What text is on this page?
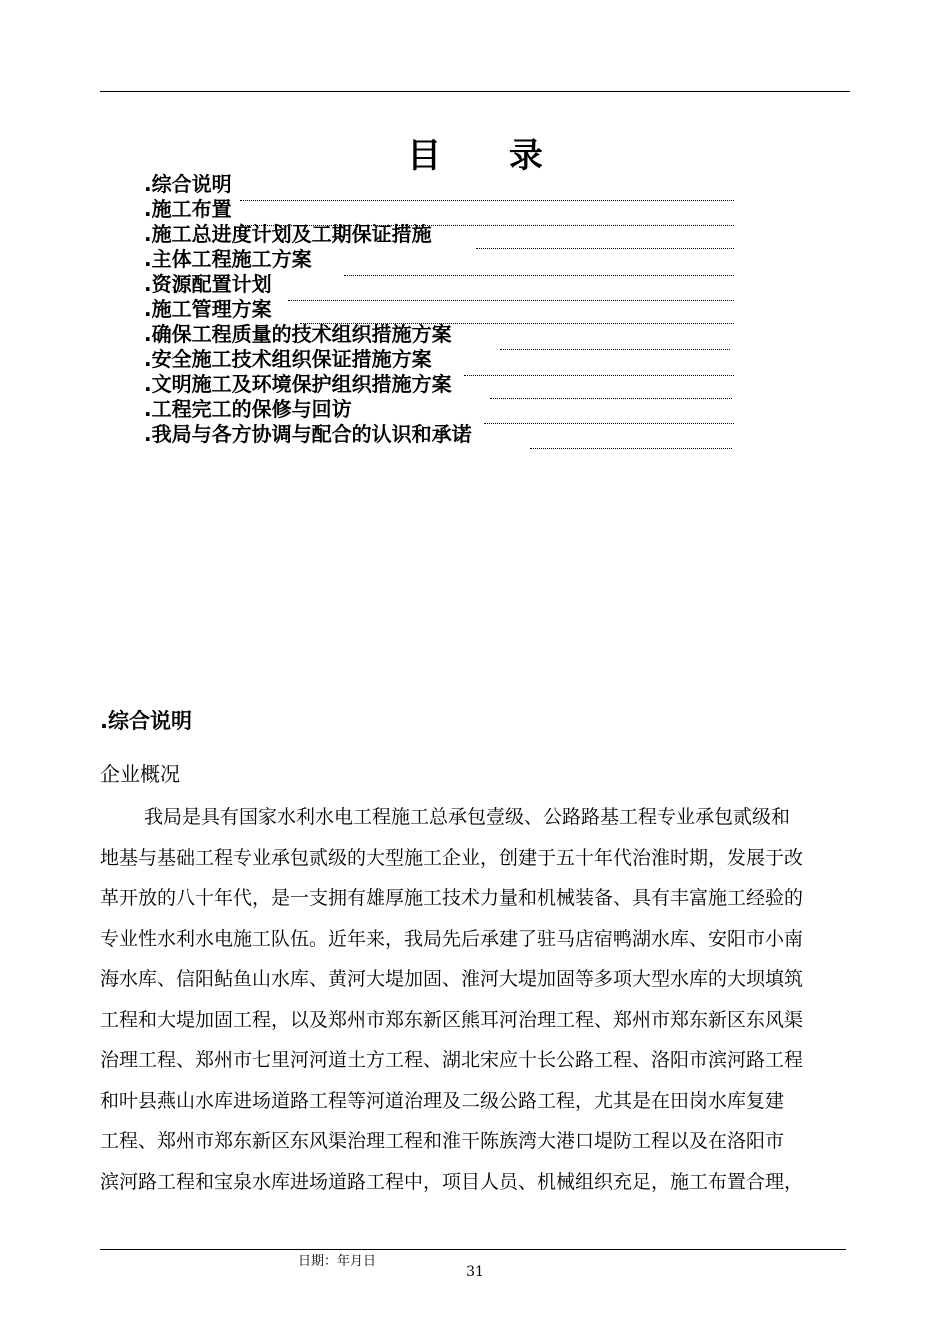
目 录
.综合说明
.施工布置
.施工总进度计划及工期保证措施
.主体工程施工方案
.资源配置计划
.施工管理方案
.确保工程质量的技术组织措施方案
.安全施工技术组织保证措施方案
.文明施工及环境保护组织措施方案
.工程完工的保修与回访
.我局与各方协调与配合的认识和承诺
.综合说明
企业概况
我局是具有国家水利水电工程施工总承包壹级、公路路基工程专业承包贰级和
地基与基础工程专业承包贰级的大型施工企业，创建于五十年代治淮时期，发展于改
革开放的八十年代，是一支拥有雄厚施工技术力量和机械装备、具有丰富施工经验的
专业性水利水电施工队伍。近年来，我局先后承建了驻马店宿鸭湖水库、安阳市小南
海水库、信阳鲇鱼山水库、黄河大堤加固、淮河大堤加固等多项大型水库的大坝填筑
工程和大堤加固工程，以及郑州市郑东新区熊耳河治理工程、郑州市郑东新区东风渠
治理工程、郑州市七里河河道土方工程、湖北宋应十长公路工程、洛阳市滨河路工程
和叶县燕山水库进场道路工程等河道治理及二级公路工程，尤其是在田岗水库复建
工程、郑州市郑东新区东风渠治理工程和淮干陈族湾大港口堤防工程以及在洛阳市
滨河路工程和宝泉水库进场道路工程中，项目人员、机械组织充足，施工布置合理，
日期：年月日
31
